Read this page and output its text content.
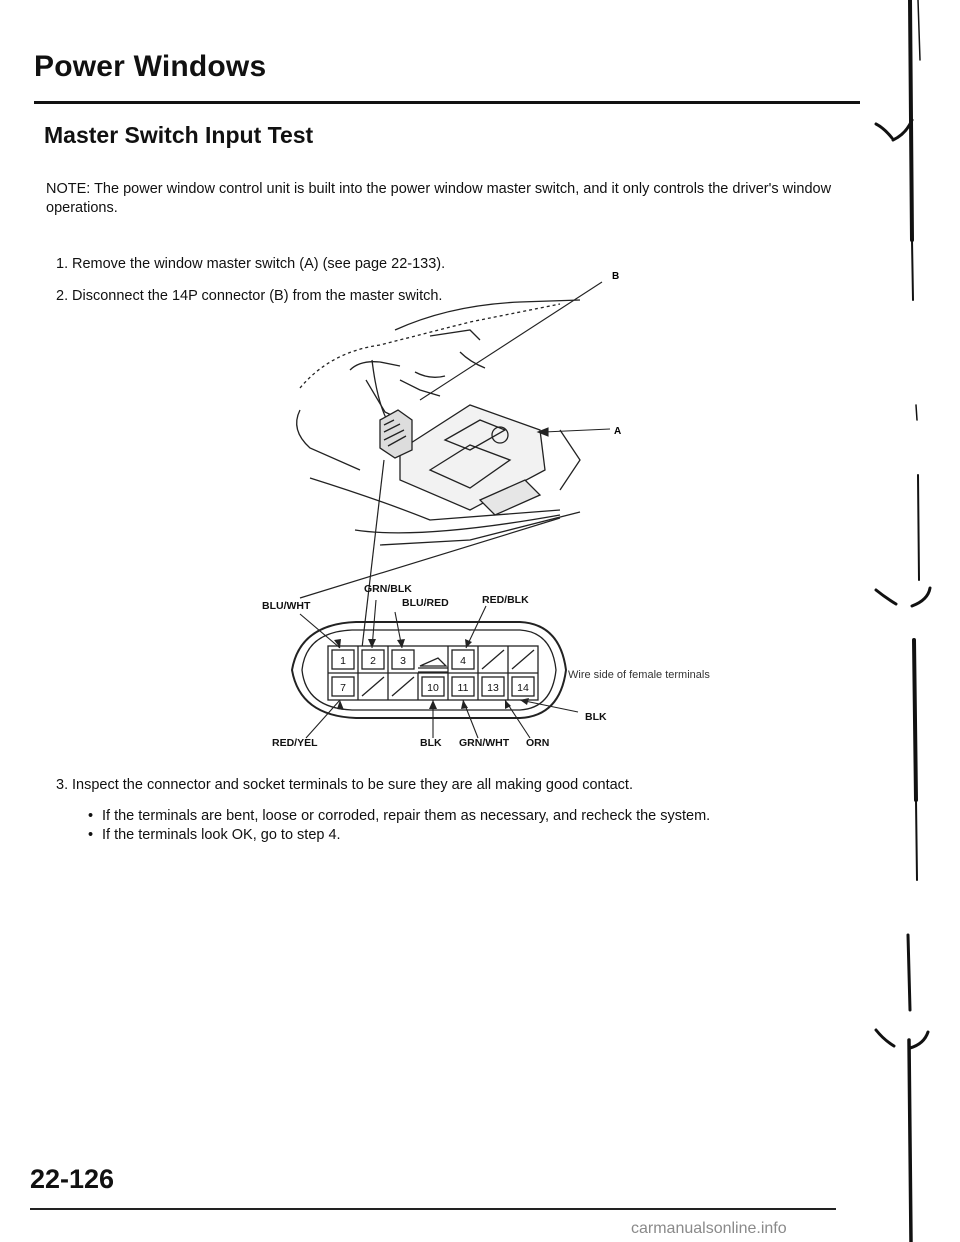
Power Windows
Master Switch Input Test
NOTE: The power window control unit is built into the power window master switch, and it only controls the driver's window operations.
1. Remove the window master switch (A) (see page 22-133).
2. Disconnect the 14P connector (B) from the master switch.
B
A
1 2 3	4
7	10 11 13 14
GRN/BLK
BLU/WHT	BLU/RED	RED/BLK
BLK
RED/YEL	BLK GRN/WHT ORN
Wire side of female terminals
3. Inspect the connector and socket terminals to be sure they are all making good contact.
• If the terminals are bent, loose or corroded, repair them as necessary, and recheck the system.
• If the terminals look OK, go to step 4.
22-126
carmanualsonline.info
